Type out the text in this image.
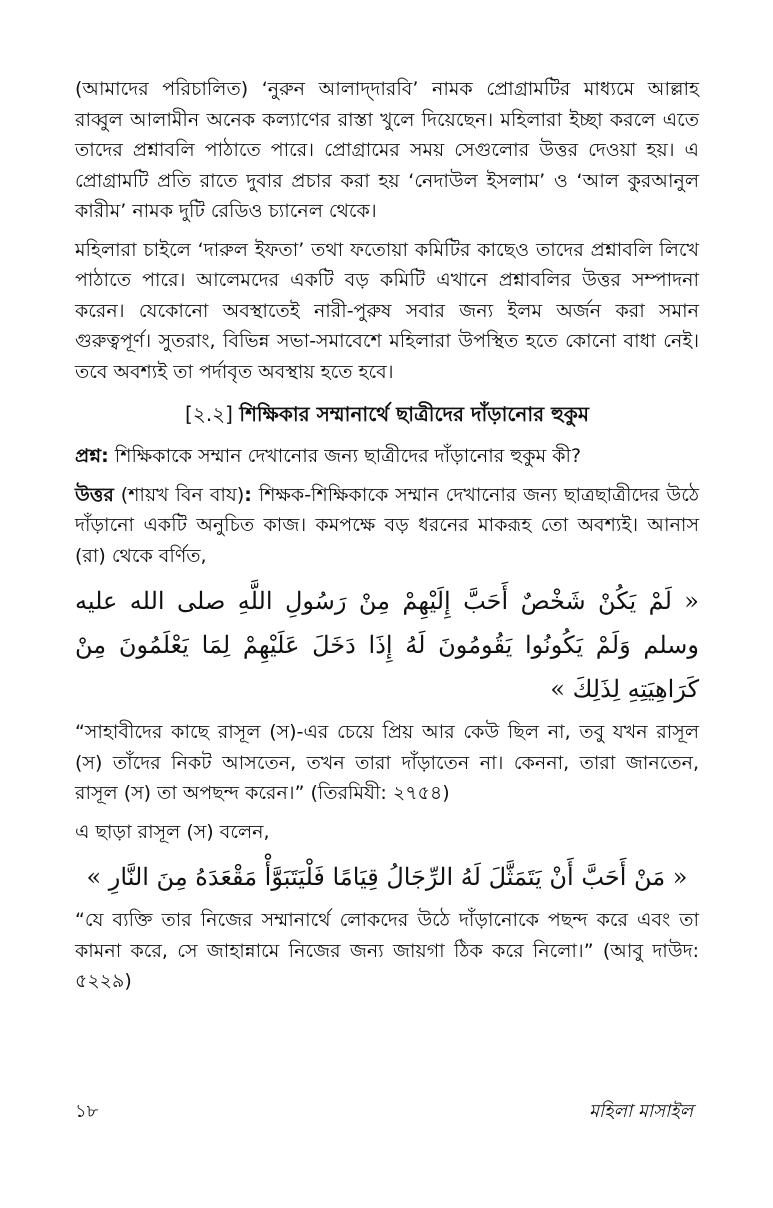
(আমাদের পরিচালিত) ‘নুরুন আলাদ্‌দারবি’ নামক প্রোগ্রামটির মাধ্যমে আল্লাহ রাব্বুল আলামীন অনেক কল্যাণের রাস্তা খুলে দিয়েছেন। মহিলারা ইচ্ছা করলে এতে তাদের প্রশ্নাবলি পাঠাতে পারে। প্রোগ্রামের সময় সেগুলোর উত্তর দেওয়া হয়। এ প্রোগ্রামটি প্রতি রাতে দুবার প্রচার করা হয় ‘নেদাউল ইসলাম’ ও ‘আল কুরআনুল কারীম’ নামক দুটি রেডিও চ্যানেল থেকে।

মহিলারা চাইলে ‘দারুল ইফতা’ তথা ফতোয়া কমিটির কাছেও তাদের প্রশ্নাবলি লিখে পাঠাতে পারে। আলেমদের একটি বড় কমিটি এখানে প্রশ্নাবলির উত্তর সম্পাদনা করেন। যেকোনো অবস্থাতেই নারী-পুরুষ সবার জন্য ইলম অর্জন করা সমান গুরুত্বপূর্ণ। সুতরাং, বিভিন্ন সভা-সমাবেশে মহিলারা উপস্থিত হতে কোনো বাধা নেই। তবে অবশ্যই তা পর্দাবৃত অবস্থায় হতে হবে।

[২.২] শিক্ষিকার সম্মানার্থে ছাত্রীদের দাঁড়ানোর হুকুম

প্রশ্ন: শিক্ষিকাকে সম্মান দেখানোর জন্য ছাত্রীদের দাঁড়ানোর হুকুম কী?

উত্তর (শায়খ বিন বায): শিক্ষক-শিক্ষিকাকে সম্মান দেখানোর জন্য ছাত্রছাত্রীদের উঠে দাঁড়ানো একটি অনুচিত কাজ। কমপক্ষে বড় ধরনের মাকরূহ তো অবশ্যই। আনাস (রা) থেকে বর্ণিত,

« لَمْ يَكُنْ شَخْصٌ أَحَبَّ إِلَيْهِمْ مِنْ رَسُولِ اللَّهِ صلى الله عليه وسلم وَلَمْ يَكُونُوا يَقُومُونَ لَهُ إِذَا دَخَلَ عَلَيْهِمْ لِمَا يَعْلَمُونَ مِنْ كَرَاهِيَتِهِ لِذَلِكَ »

“সাহাবীদের কাছে রাসূল (স)-এর চেয়ে প্রিয় আর কেউ ছিল না, তবু যখন রাসূল (স) তাঁদের নিকট আসতেন, তখন তারা দাঁড়াতেন না। কেননা, তারা জানতেন, রাসূল (স) তা অপছন্দ করেন।” (তিরমিযী: ২৭৫৪)

এ ছাড়া রাসূল (স) বলেন,

« مَنْ أَحَبَّ أَنْ يَتَمَثَّلَ لَهُ الرِّجَالُ قِيَامًا فَلْيَتَبَوَّأْ مَقْعَدَهُ مِنَ النَّارِ »

“যে ব্যক্তি তার নিজের সম্মানার্থে লোকদের উঠে দাঁড়ানোকে পছন্দ করে এবং তা কামনা করে, সে জাহান্নামে নিজের জন্য জায়গা ঠিক করে নিলো।” (আবু দাউদ: ৫২২৯)

১৮	মহিলা মাসাইল
